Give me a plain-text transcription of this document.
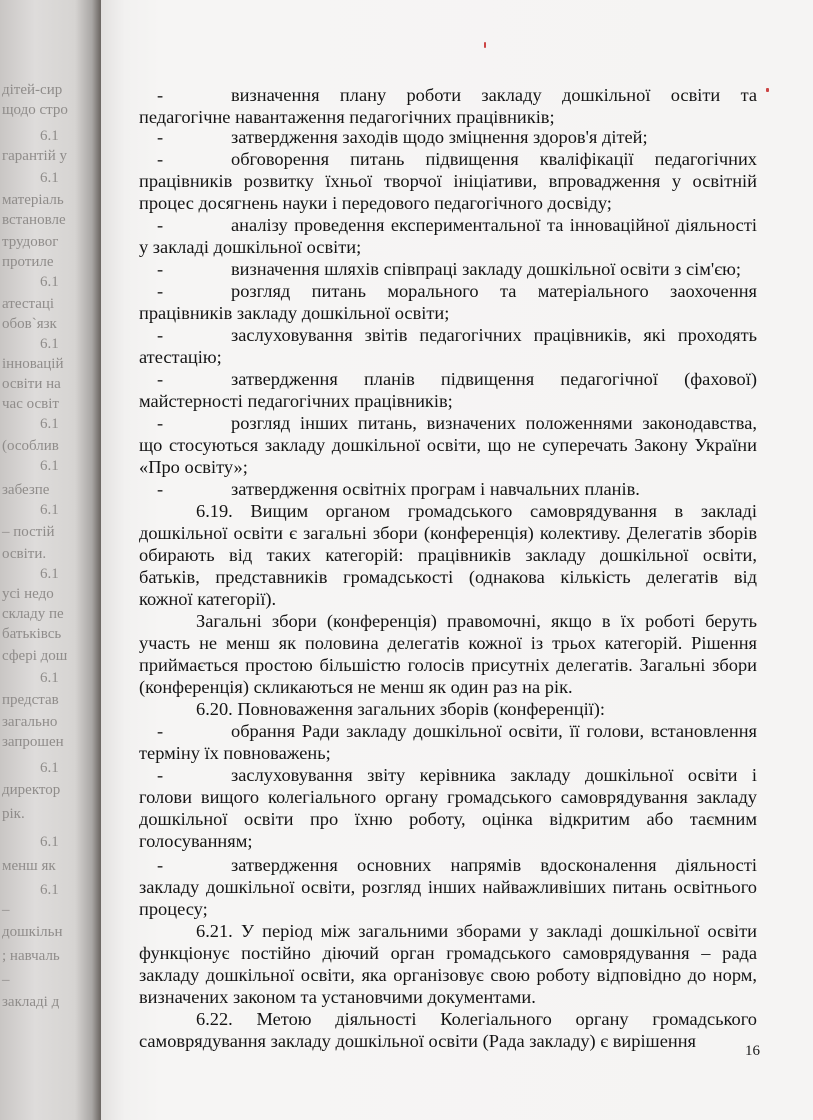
дітей-сир
щодо стро
6.1
гарантій у
6.1
матеріаль
встановле
трудовог
протиле
6.1
атестаці
обов`язк
6.1
інновацій
освіти на
час освіт
6.1
(особлив
6.1
забезпе
6.1
– постій
освіти.
6.1
усі недо
складу пе
батьківсь
сфері дош
6.1
представ
загально
запрошен
6.1
директор
рік.
6.1
менш як
6.1
–
дошкільн
; навчаль
–
закладі д
-	визначення плану роботи закладу дошкільної освіти та
педагогічне навантаження педагогічних працівників;
-	затвердження заходів щодо зміцнення здоров'я дітей;
-	обговорення питань підвищення кваліфікації педагогічних
працівників розвитку їхньої творчої ініціативи, впровадження у освітній
процес досягнень науки і передового педагогічного досвіду;
-	аналізу проведення експериментальної та інноваційної діяльності
у закладі дошкільної освіти;
-	визначення шляхів співпраці закладу дошкільної освіти з сім'єю;
-	розгляд питань морального та матеріального заохочення
працівників закладу дошкільної освіти;
-	заслуховування звітів педагогічних працівників, які проходять
атестацію;
-	затвердження планів підвищення педагогічної (фахової)
майстерності педагогічних працівників;
-	розгляд інших питань, визначених положеннями законодавства,
що стосуються закладу дошкільної освіти, що не суперечать Закону України
«Про освіту»;
-	затвердження освітніх програм і навчальних планів.
6.19. Вищим органом громадського самоврядування в закладі
дошкільної освіти є загальні збори (конференція) колективу. Делегатів зборів
обирають від таких категорій: працівників закладу дошкільної освіти,
батьків, представників громадськості (однакова кількість делегатів від
кожної категорії).
Загальні збори (конференція) правомочні, якщо в їх роботі беруть
участь не менш як половина делегатів кожної із трьох категорій. Рішення
приймається простою більшістю голосів присутніх делегатів. Загальні збори
(конференція) скликаються не менш як один раз на рік.
6.20. Повноваження загальних зборів (конференції):
-	обрання Ради закладу дошкільної освіти, її голови, встановлення
терміну їх повноважень;
-	заслуховування звіту керівника закладу дошкільної освіти і
голови вищого колегіального органу громадського самоврядування закладу
дошкільної освіти про їхню роботу, оцінка відкритим або таємним
голосуванням;
-	затвердження основних напрямів вдосконалення діяльності
закладу дошкільної освіти, розгляд інших найважливіших питань освітнього
процесу;
6.21. У період між загальними зборами у закладі дошкільної освіти
функціонує постійно діючий орган громадського самоврядування – рада
закладу дошкільної освіти, яка організовує свою роботу відповідно до норм,
визначених законом та установчими документами.
6.22. Метою діяльності Колегіального органу громадського
самоврядування закладу дошкільної освіти (Рада закладу) є вирішення	16
